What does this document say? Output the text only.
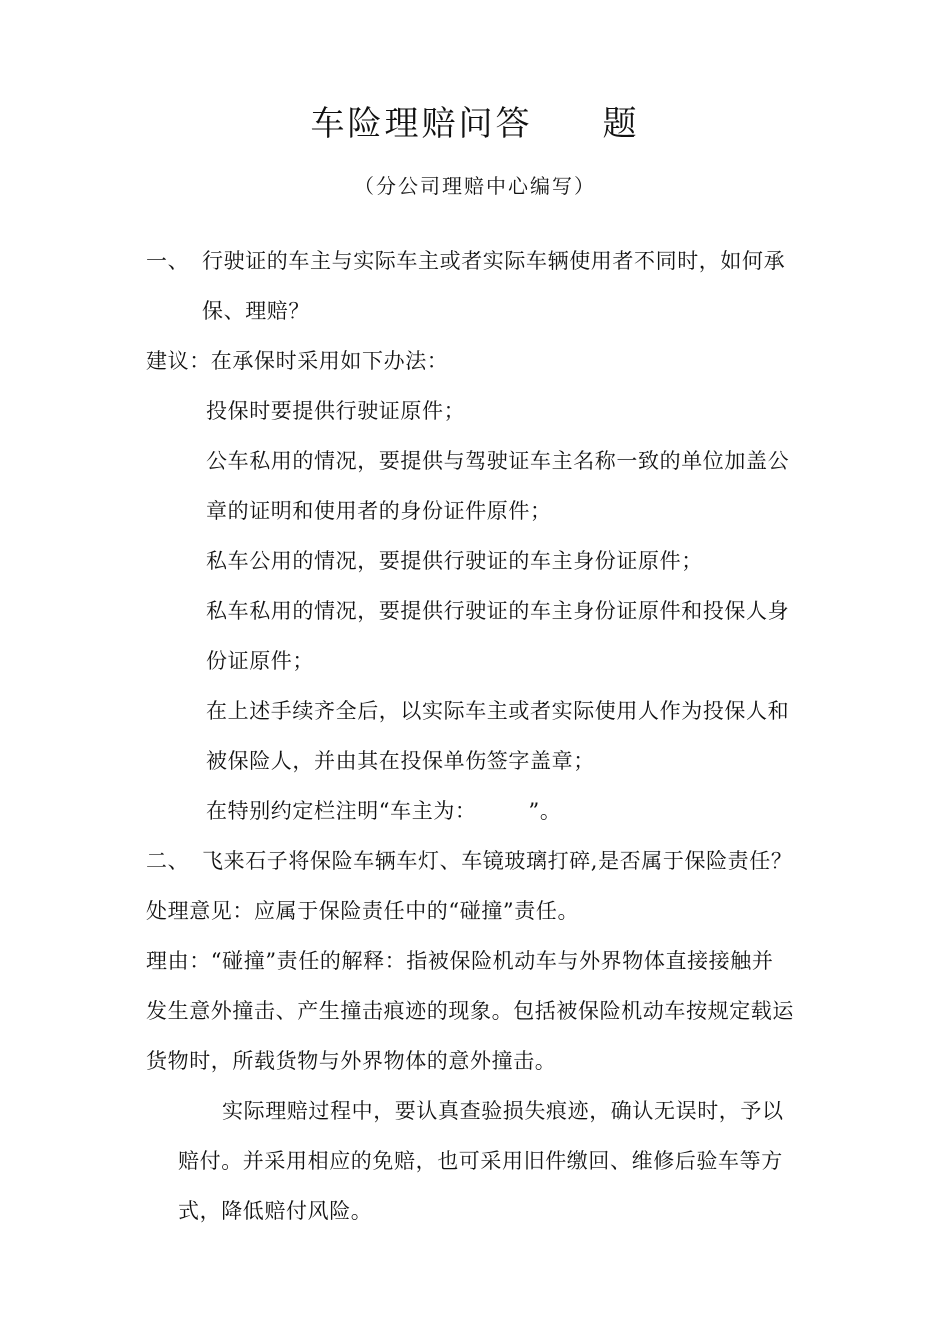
车险理赔问答 题
（分公司理赔中心编写）
一、 行驶证的车主与实际车主或者实际车辆使用者不同时，如何承
保、理赔？
建议：在承保时采用如下办法：
投保时要提供行驶证原件；
公车私用的情况，要提供与驾驶证车主名称一致的单位加盖公
章的证明和使用者的身份证件原件；
私车公用的情况，要提供行驶证的车主身份证原件；
私车私用的情况，要提供行驶证的车主身份证原件和投保人身
份证原件；
在上述手续齐全后，以实际车主或者实际使用人作为投保人和
被保险人，并由其在投保单伤签字盖章；
在特别约定栏注明“车主为： ”。
二、 飞来石子将保险车辆车灯、车镜玻璃打碎,是否属于保险责任？
处理意见：应属于保险责任中的“碰撞”责任。
理由：“碰撞”责任的解释：指被保险机动车与外界物体直接接触并
发生意外撞击、产生撞击痕迹的现象。包括被保险机动车按规定载运
货物时，所载货物与外界物体的意外撞击。
实际理赔过程中，要认真查验损失痕迹，确认无误时，予以
赔付。并采用相应的免赔，也可采用旧件缴回、维修后验车等方
式，降低赔付风险。
